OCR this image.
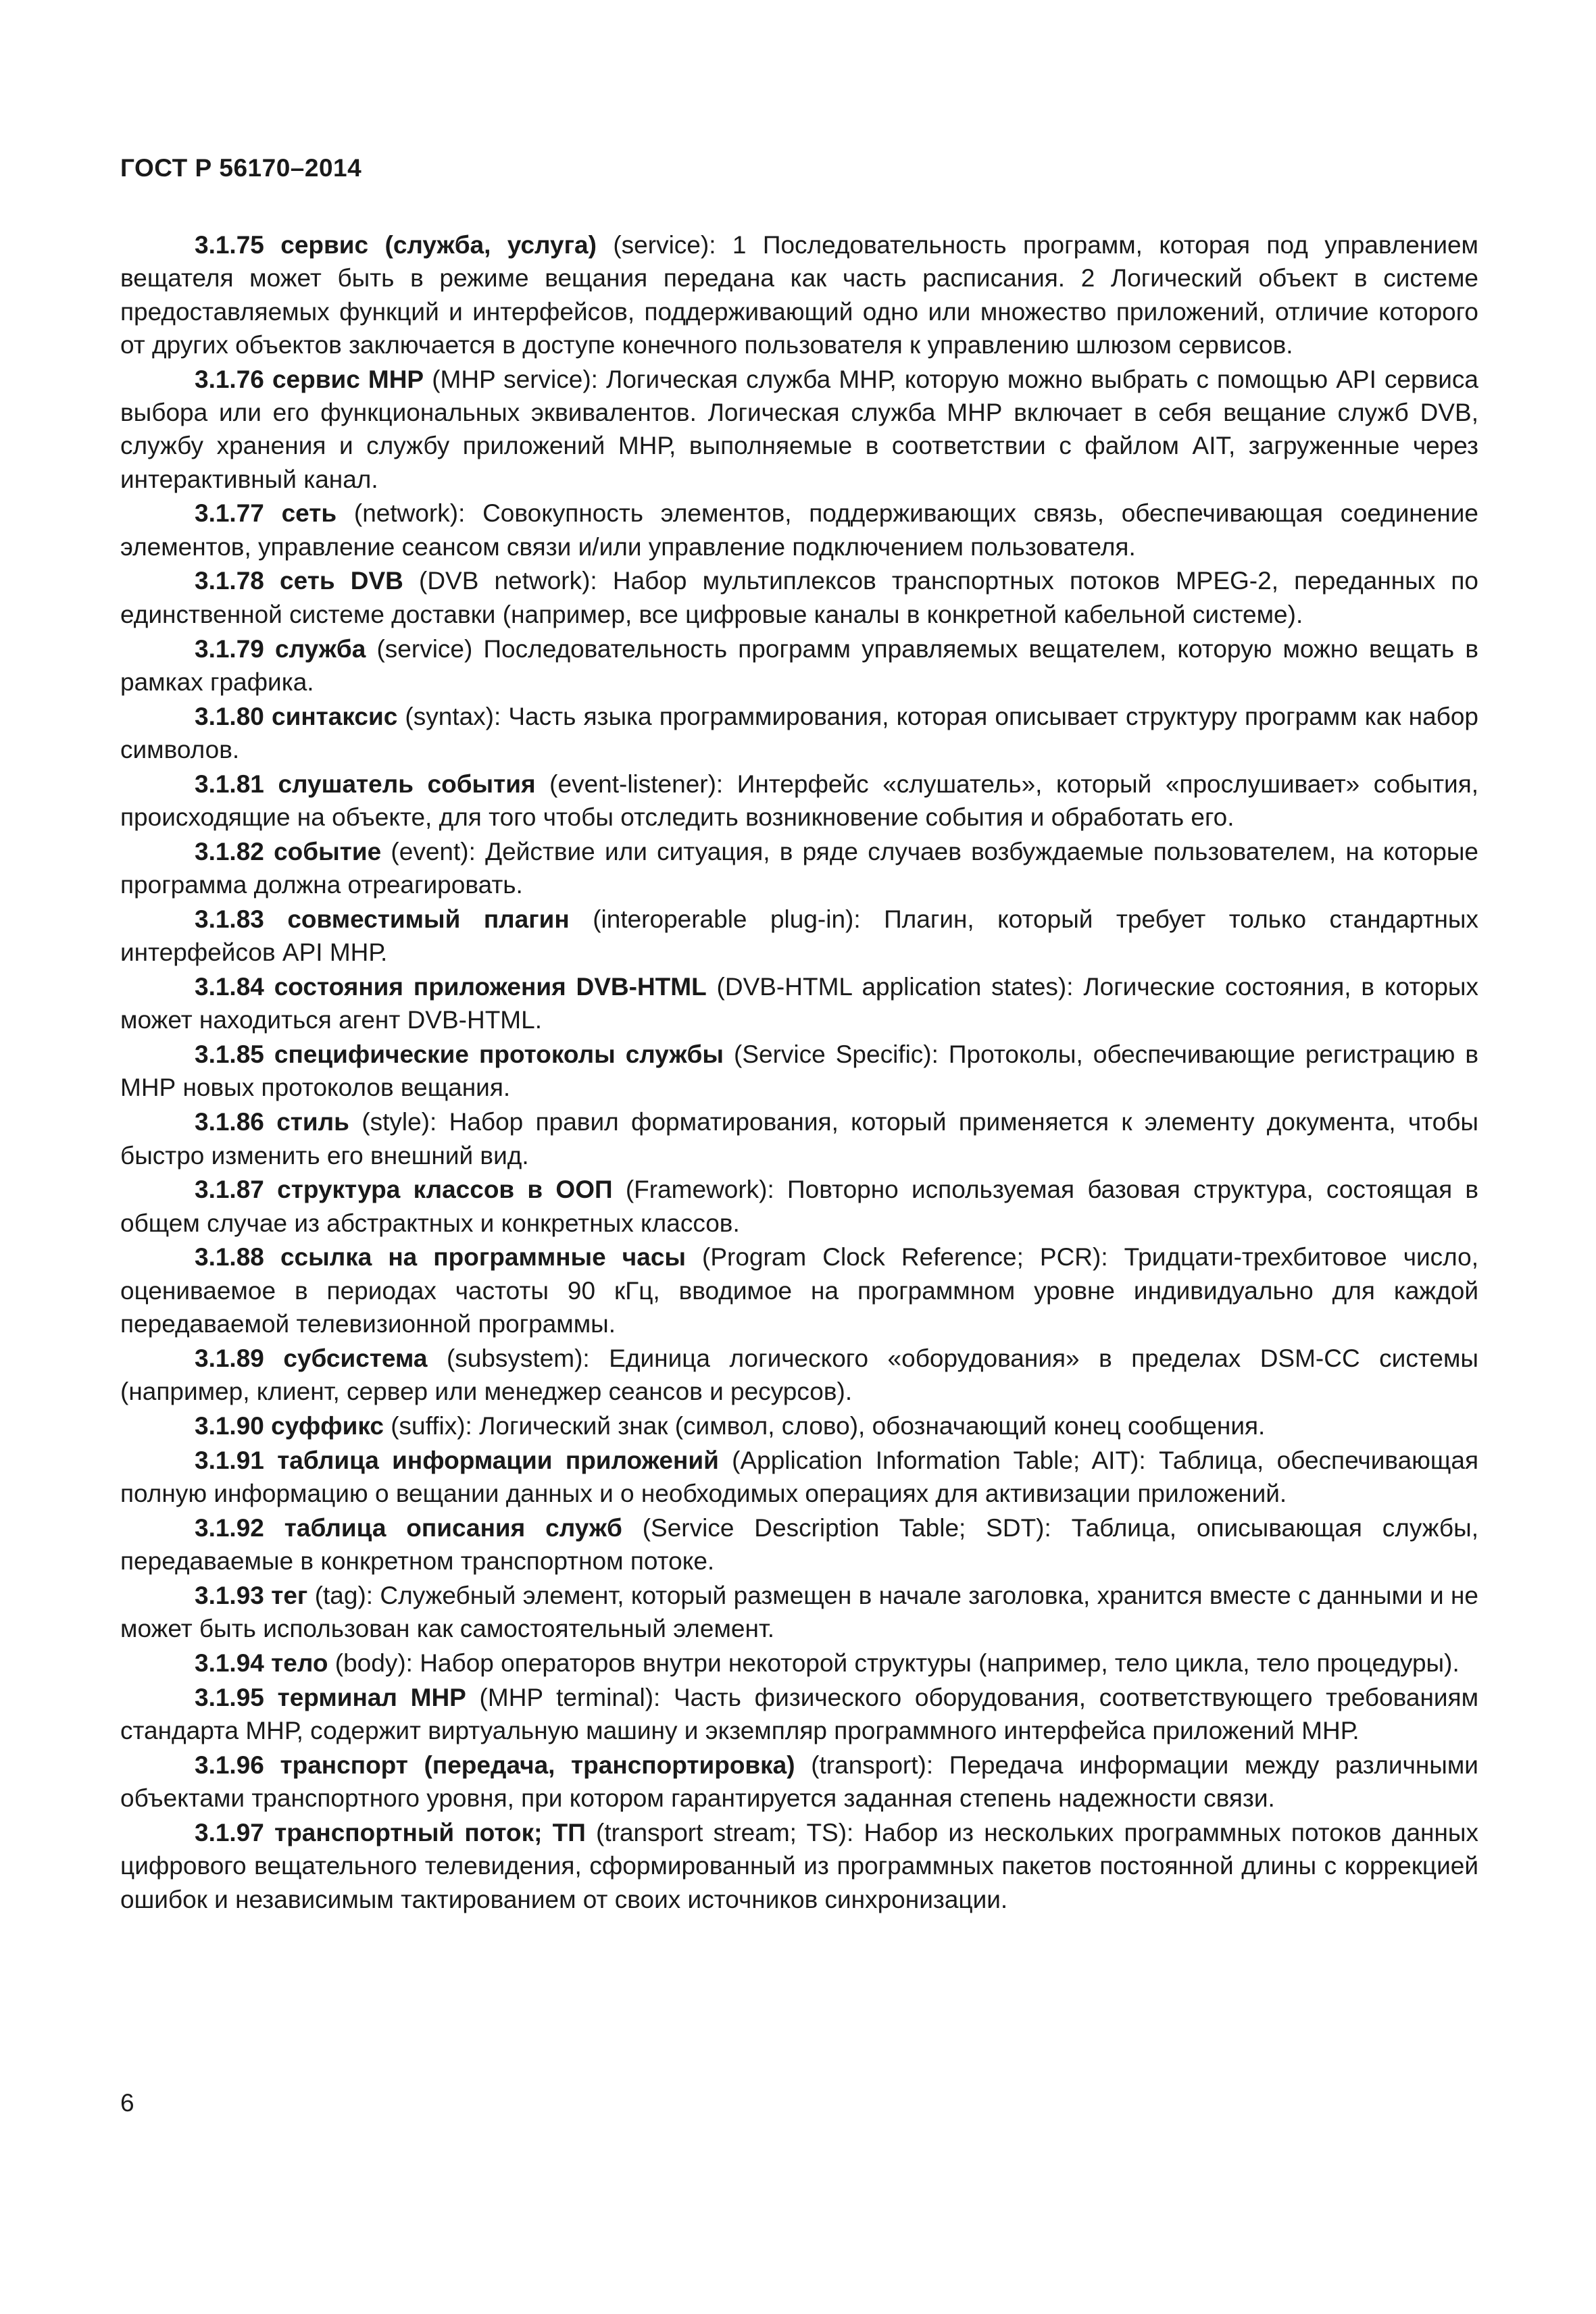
ГОСТ Р 56170–2014

3.1.75 сервис (служба, услуга) (service): 1 Последовательность программ, которая под управлением вещателя может быть в режиме вещания передана как часть расписания. 2 Логический объект в системе предоставляемых функций и интерфейсов, поддерживающий одно или множество приложений, отличие которого от других объектов заключается в доступе конечного пользователя к управлению шлюзом сервисов.

3.1.76 сервис МНР (MHP service): Логическая служба МНР, которую можно выбрать с помощью API сервиса выбора или его функциональных эквивалентов. Логическая служба МНР включает в себя вещание служб DVB, службу хранения и службу приложений МНР, выполняемые в соответствии с файлом AIT, загруженные через интерактивный канал.

3.1.77 сеть (network): Совокупность элементов, поддерживающих связь, обеспечивающая соединение элементов, управление сеансом связи и/или управление подключением пользователя.

3.1.78 сеть DVB (DVB network): Набор мультиплексов транспортных потоков MPEG-2, переданных по единственной системе доставки (например, все цифровые каналы в конкретной кабельной системе).

3.1.79 служба (service) Последовательность программ управляемых вещателем, которую можно вещать в рамках графика.

3.1.80 синтаксис (syntax): Часть языка программирования, которая описывает структуру программ как набор символов.

3.1.81 слушатель события (event-listener): Интерфейс «слушатель», который «прослушивает» события, происходящие на объекте, для того чтобы отследить возникновение события и обработать его.

3.1.82 событие (event): Действие или ситуация, в ряде случаев возбуждаемые пользователем, на которые программа должна отреагировать.

3.1.83 совместимый плагин (interoperable plug-in): Плагин, который требует только стандартных интерфейсов API МНР.

3.1.84 состояния приложения DVB-HTML (DVB-HTML application states): Логические состояния, в которых может находиться агент DVB-HTML.

3.1.85 специфические протоколы службы (Service Specific): Протоколы, обеспечивающие регистрацию в МНР новых протоколов вещания.

3.1.86 стиль (style): Набор правил форматирования, который применяется к элементу документа, чтобы быстро изменить его внешний вид.

3.1.87 структура классов в ООП (Framework): Повторно используемая базовая структура, состоящая в общем случае из абстрактных и конкретных классов.

3.1.88 ссылка на программные часы (Program Clock Reference; PCR): Тридцати-трехбитовое число, оцениваемое в периодах частоты 90 кГц, вводимое на программном уровне индивидуально для каждой передаваемой телевизионной программы.

3.1.89 субсистема (subsystem): Единица логического «оборудования» в пределах DSM-CC системы (например, клиент, сервер или менеджер сеансов и ресурсов).

3.1.90 суффикс (suffix): Логический знак (символ, слово), обозначающий конец сообщения.

3.1.91 таблица информации приложений (Application Information Table; AIT): Таблица, обеспечивающая полную информацию о вещании данных и о необходимых операциях для активизации приложений.

3.1.92 таблица описания служб (Service Description Table; SDT): Таблица, описывающая службы, передаваемые в конкретном транспортном потоке.

3.1.93 тег (tag): Служебный элемент, который размещен в начале заголовка, хранится вместе с данными и не может быть использован как самостоятельный элемент.

3.1.94 тело (body): Набор операторов внутри некоторой структуры (например, тело цикла, тело процедуры).

3.1.95 терминал МНР (MHP terminal): Часть физического оборудования, соответствующего требованиям стандарта МНР, содержит виртуальную машину и экземпляр программного интерфейса приложений МНР.

3.1.96 транспорт (передача, транспортировка) (transport): Передача информации между различными объектами транспортного уровня, при котором гарантируется заданная степень надежности связи.

3.1.97 транспортный поток; ТП (transport stream; TS): Набор из нескольких программных потоков данных цифрового вещательного телевидения, сформированный из программных пакетов постоянной длины с коррекцией ошибок и независимым тактированием от своих источников синхронизации.

6
